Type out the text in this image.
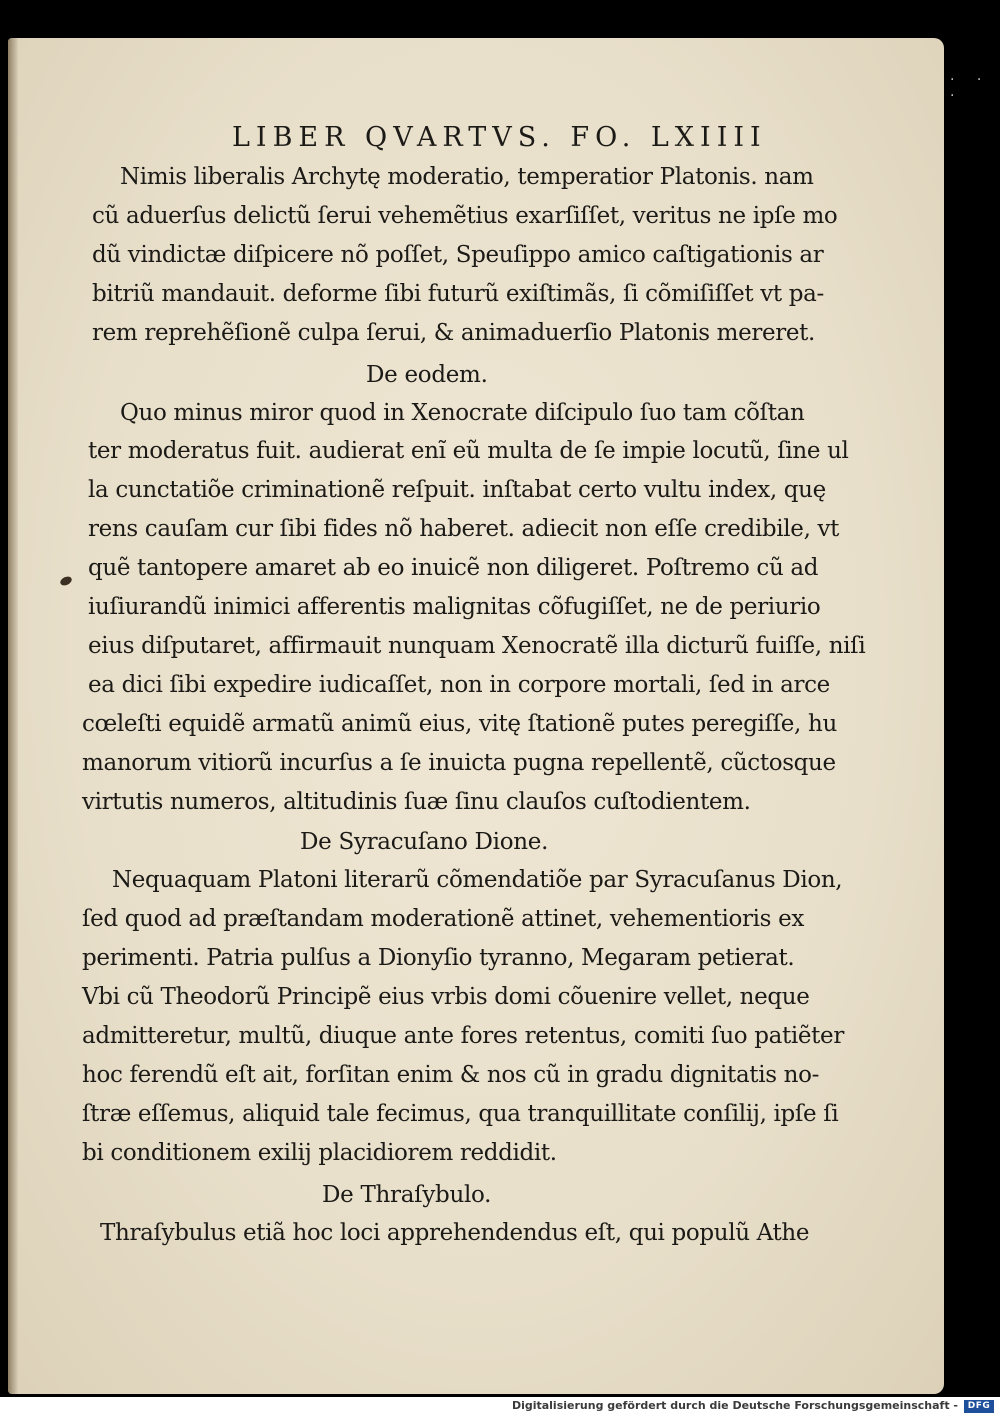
LIBER QVARTVS. FO. LXIIII
Nimis liberalis Archytę moderatio, temperatior Platonis. nam
cũ aduerſus delictũ ſerui vehemẽtius exarſiſſet, veritus ne ipſe mo
dũ vindictæ diſpicere nõ poſſet, Speuſippo amico caſtigationis ar
bitriũ mandauit. deforme ſibi futurũ exiſtimãs, ſi cõmiſiſſet vt pa-
rem reprehẽſionẽ culpa ſerui, & animaduerſio Platonis mereret.
De eodem.
Quo minus miror quod in Xenocrate diſcipulo ſuo tam cõſtan
ter moderatus fuit. audierat enĩ eũ multa de ſe impie locutũ, ſine ul
la cunctatiõe criminationẽ reſpuit. inſtabat certo vultu index, quę
rens cauſam cur ſibi fides nõ haberet. adiecit non eſſe credibile, vt
quẽ tantopere amaret ab eo inuicẽ non diligeret. Poſtremo cũ ad
iuſiurandũ inimici afferentis malignitas cõfugiſſet, ne de periurio
eius diſputaret, affirmauit nunquam Xenocratẽ illa dicturũ fuiſſe, niſi
ea dici ſibi expedire iudicaſſet, non in corpore mortali, ſed in arce
cœleſti equidẽ armatũ animũ eius, vitę ſtationẽ putes peregiſſe, hu
manorum vitiorũ incurſus a ſe inuicta pugna repellentẽ, cũctosque
virtutis numeros, altitudinis ſuæ ſinu clauſos cuſtodientem.
De Syracuſano Dione.
Nequaquam Platoni literarũ cõmendatiõe par Syracuſanus Dion,
ſed quod ad præſtandam moderationẽ attinet, vehementioris ex
perimenti. Patria pulſus a Dionyſio tyranno, Megaram petierat.
Vbi cũ Theodorũ Principẽ eius vrbis domi cõuenire vellet, neque
admitteretur, multũ, diuque ante fores retentus, comiti ſuo patiẽter
hoc ferendũ eſt ait, forſitan enim & nos cũ in gradu dignitatis no-
ſtræ eſſemus, aliquid tale fecimus, qua tranquillitate conſilij, ipſe ſi
bi conditionem exilij placidiorem reddidit.
De Thraſybulo.
Thraſybulus etiã hoc loci apprehendendus eſt, qui populũ Athe
· · ·
Digitalisierung gefördert durch die Deutsche Forschungsgemeinschaft -	DFG
